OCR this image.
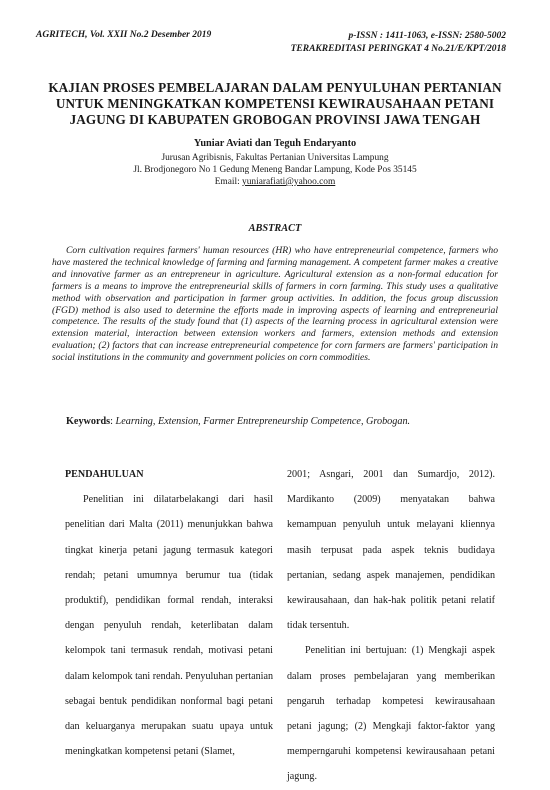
AGRITECH, Vol. XXII No.2 Desember 2019	p-ISSN : 1411-1063, e-ISSN: 2580-5002
TERAKREDITASI PERINGKAT 4 No.21/E/KPT/2018
KAJIAN PROSES PEMBELAJARAN DALAM PENYULUHAN PERTANIAN
UNTUK MENINGKATKAN KOMPETENSI KEWIRAUSAHAAN PETANI
JAGUNG DI KABUPATEN GROBOGAN PROVINSI JAWA TENGAH
Yuniar Aviati dan Teguh Endaryanto
Jurusan Agribisnis, Fakultas Pertanian Universitas Lampung
Jl. Brodjonegoro No 1 Gedung Meneng Bandar Lampung, Kode Pos 35145
Email: yuniarafiati@yahoo.com
ABSTRACT

Corn cultivation requires farmers' human resources (HR) who have entrepreneurial competence, farmers who have mastered the technical knowledge of farming and farming management. A competent farmer makes a creative and innovative farmer as an entrepreneur in agriculture. Agricultural extension as a non-formal education for farmers is a means to improve the entrepreneurial skills of farmers in corn farming. This study uses a qualitative method with observation and participation in farmer group activities. In addition, the focus group discussion (FGD) method is also used to determine the efforts made in improving aspects of learning and entrepreneurial competence. The results of the study found that (1) aspects of the learning process in agricultural extension were extension material, interaction between extension workers and farmers, extension methods and extension evaluation; (2) factors that can increase entrepreneurial competence for corn farmers are farmers' participation in social institutions in the community and government policies on corn commodities.

Keywords: Learning, Extension, Farmer Entrepreneurship Competence, Grobogan.

PENDAHULUAN

Penelitian ini dilatarbelakangi dari hasil penelitian dari Malta (2011) menunjukkan bahwa tingkat kinerja petani jagung termasuk kategori rendah; petani umumnya berumur tua (tidak produktif), pendidikan formal rendah, interaksi dengan penyuluh rendah, keterlibatan dalam kelompok tani termasuk rendah, motivasi petani dalam kelompok tani rendah. Penyuluhan pertanian sebagai bentuk pendidikan nonformal bagi petani dan keluarganya merupakan suatu upaya untuk meningkatkan kompetensi petani (Slamet,

2001; Asngari, 2001 dan Sumardjo, 2012). Mardikanto (2009) menyatakan bahwa kemampuan penyuluh untuk melayani kliennya masih terpusat pada aspek teknis budidaya pertanian, sedang aspek manajemen, pendidikan kewirausahaan, dan hak-hak politik petani relatif tidak tersentuh.

Penelitian ini bertujuan: (1) Mengkaji aspek dalam proses pembelajaran yang memberikan pengaruh terhadap kompetesi kewirausahaan petani jagung; (2) Mengkaji faktor-faktor yang memperngaruhi kompetensi kewirausahaan petani jagung.
